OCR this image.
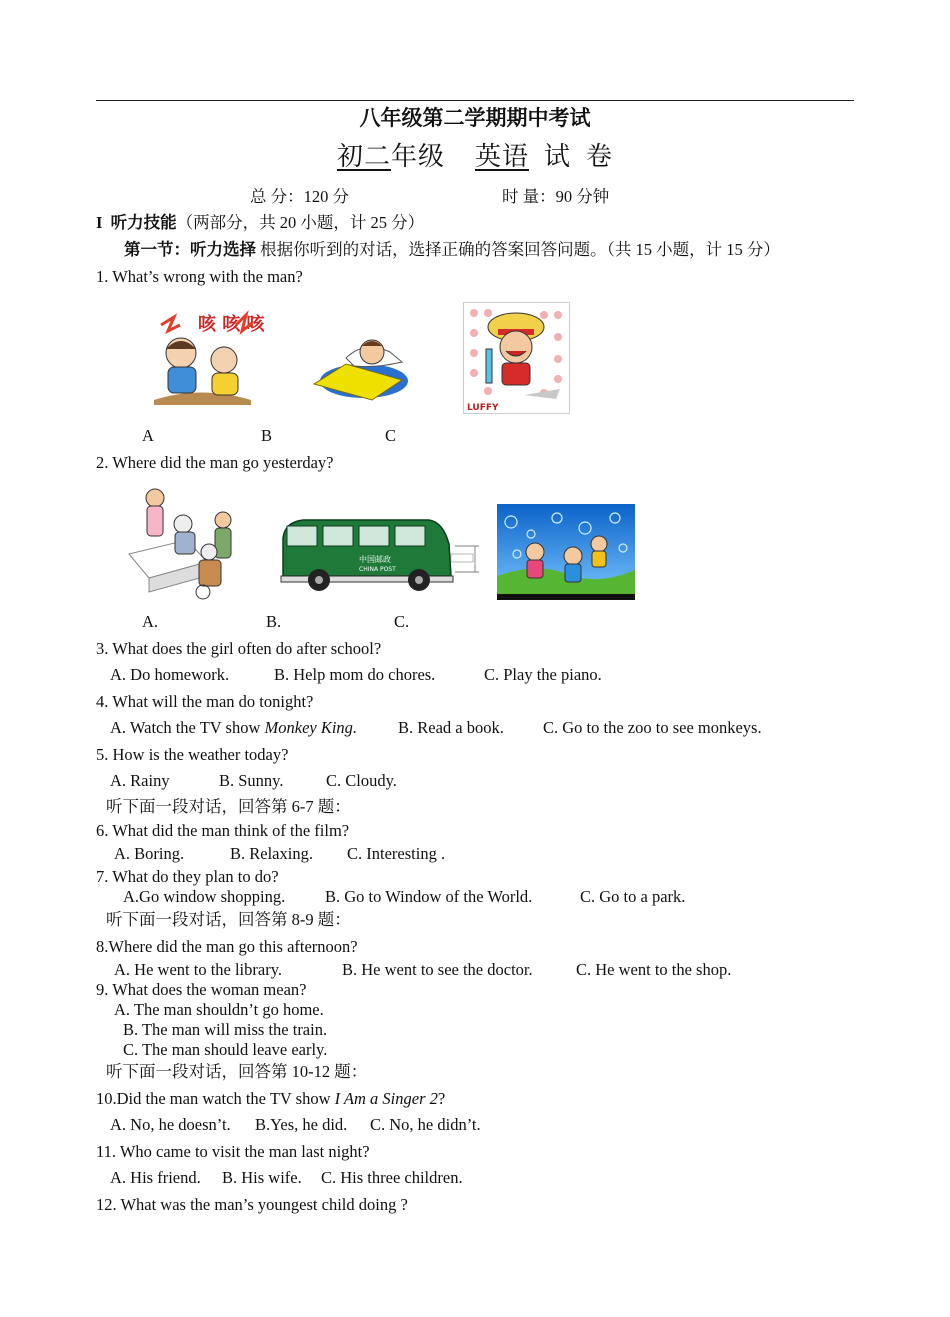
八年级第二学期期中考试
初二年级 英语 试  卷
总 分：120 分	时 量：90 分钟
I 听力技能（两部分，共 20 小题，计 25 分）
第一节：听力选择 根据你听到的对话，选择正确的答案回答问题。（共 15 小题，计 15 分）
1. What’s wrong with the man?
咳 咳 咳
LUFFY
A	B	C
2. Where did the man go yesterday?
中国邮政
CHINA POST
A.	B.	C.
3. What does the girl often do after school?
A. Do homework.	B. Help mom do chores.	C. Play the piano.
4. What will the man do tonight?
A. Watch the TV show Monkey King. B. Read a book. C. Go to the zoo to see monkeys.
5. How is the weather today?
A. Rainy	B. Sunny.	C. Cloudy.
听下面一段对话，回答第 6-7 题：
6. What did the man think of the film?
A. Boring.	B. Relaxing. C. Interesting .
7. What do they plan to do?
A.Go window shopping. B. Go to Window of the World.	C. Go to a park.
听下面一段对话，回答第 8-9 题：
8.Where did the man go this afternoon?
A. He went to the library.	B. He went to see the doctor.	C. He went to the shop.
9. What does the woman mean?
A. The man shouldn’t go home.
B. The man will miss the train.
C. The man should leave early.
听下面一段对话，回答第 10-12 题：
10.Did the man watch the TV show I Am a Singer 2?
A. No, he doesn’t. B.Yes, he did. C. No, he didn’t.
11. Who came to visit the man last night?
A. His friend. B. His wife. C. His three children.
12. What was the man’s youngest child doing ?
